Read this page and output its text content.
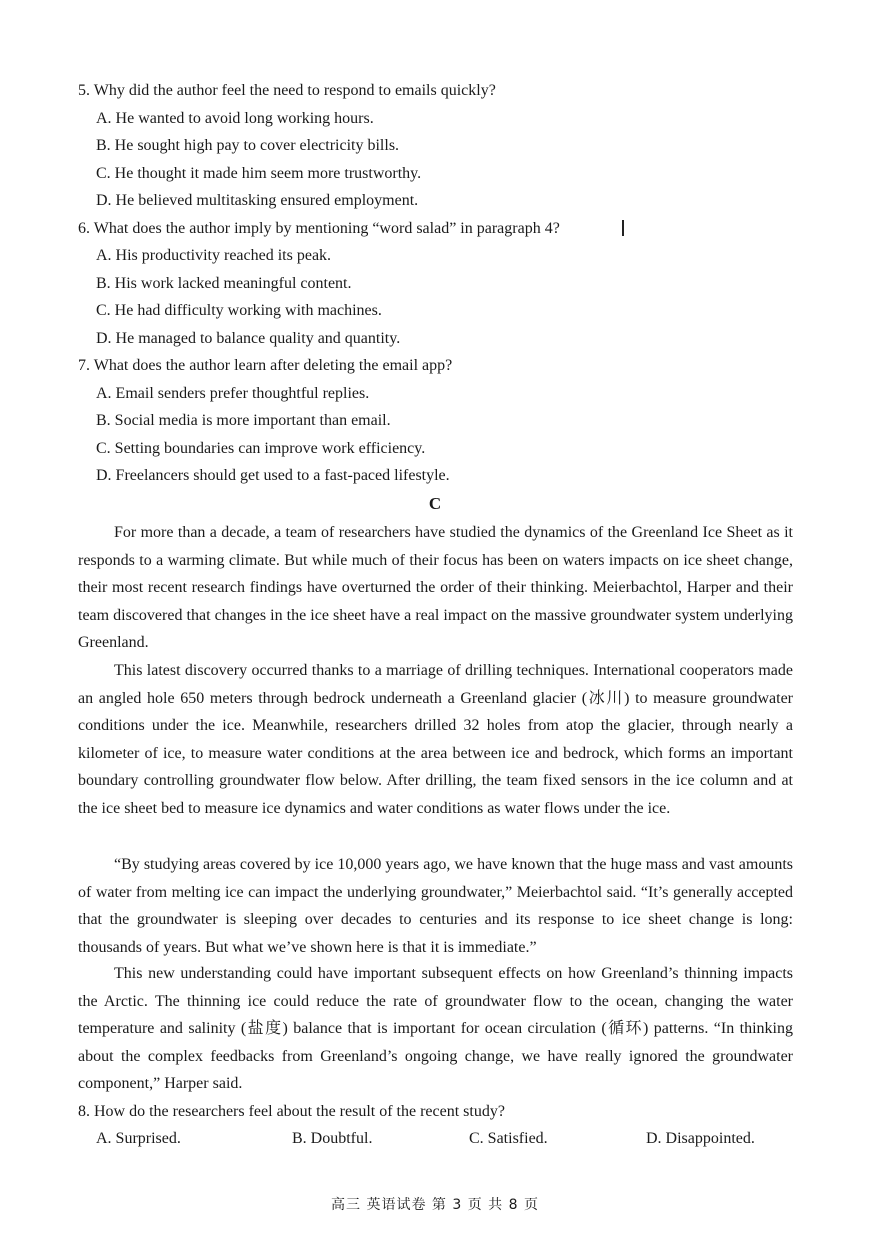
5. Why did the author feel the need to respond to emails quickly?
A. He wanted to avoid long working hours.
B. He sought high pay to cover electricity bills.
C. He thought it made him seem more trustworthy.
D. He believed multitasking ensured employment.
6. What does the author imply by mentioning “word salad” in paragraph 4?
A. His productivity reached its peak.
B. His work lacked meaningful content.
C. He had difficulty working with machines.
D. He managed to balance quality and quantity.
7. What does the author learn after deleting the email app?
A. Email senders prefer thoughtful replies.
B. Social media is more important than email.
C. Setting boundaries can improve work efficiency.
D. Freelancers should get used to a fast-paced lifestyle.
C

For more than a decade, a team of researchers have studied the dynamics of the Greenland Ice Sheet as it responds to a warming climate. But while much of their focus has been on waters impacts on ice sheet change, their most recent research findings have overturned the order of their thinking. Meierbachtol, Harper and their team discovered that changes in the ice sheet have a real impact on the massive groundwater system underlying Greenland.

This latest discovery occurred thanks to a marriage of drilling techniques. International cooperators made an angled hole 650 meters through bedrock underneath a Greenland glacier (冰川) to measure groundwater conditions under the ice. Meanwhile, researchers drilled 32 holes from atop the glacier, through nearly a kilometer of ice, to measure water conditions at the area between ice and bedrock, which forms an important boundary controlling groundwater flow below. After drilling, the team fixed sensors in the ice column and at the ice sheet bed to measure ice dynamics and water conditions as water flows under the ice.

“By studying areas covered by ice 10,000 years ago, we have known that the huge mass and vast amounts of water from melting ice can impact the underlying groundwater,” Meierbachtol said. “It’s generally accepted that the groundwater is sleeping over decades to centuries and its response to ice sheet change is long: thousands of years. But what we’ve shown here is that it is immediate.”

This new understanding could have important subsequent effects on how Greenland’s thinning impacts the Arctic. The thinning ice could reduce the rate of groundwater flow to the ocean, changing the water temperature and salinity (盐度) balance that is important for ocean circulation (循环) patterns. “In thinking about the complex feedbacks from Greenland’s ongoing change, we have really ignored the groundwater component,” Harper said.

8. How do the researchers feel about the result of the recent study?
A. Surprised.	B. Doubtful.	C. Satisfied.	D. Disappointed.
高三 英语试卷 第 3 页 共 8 页
